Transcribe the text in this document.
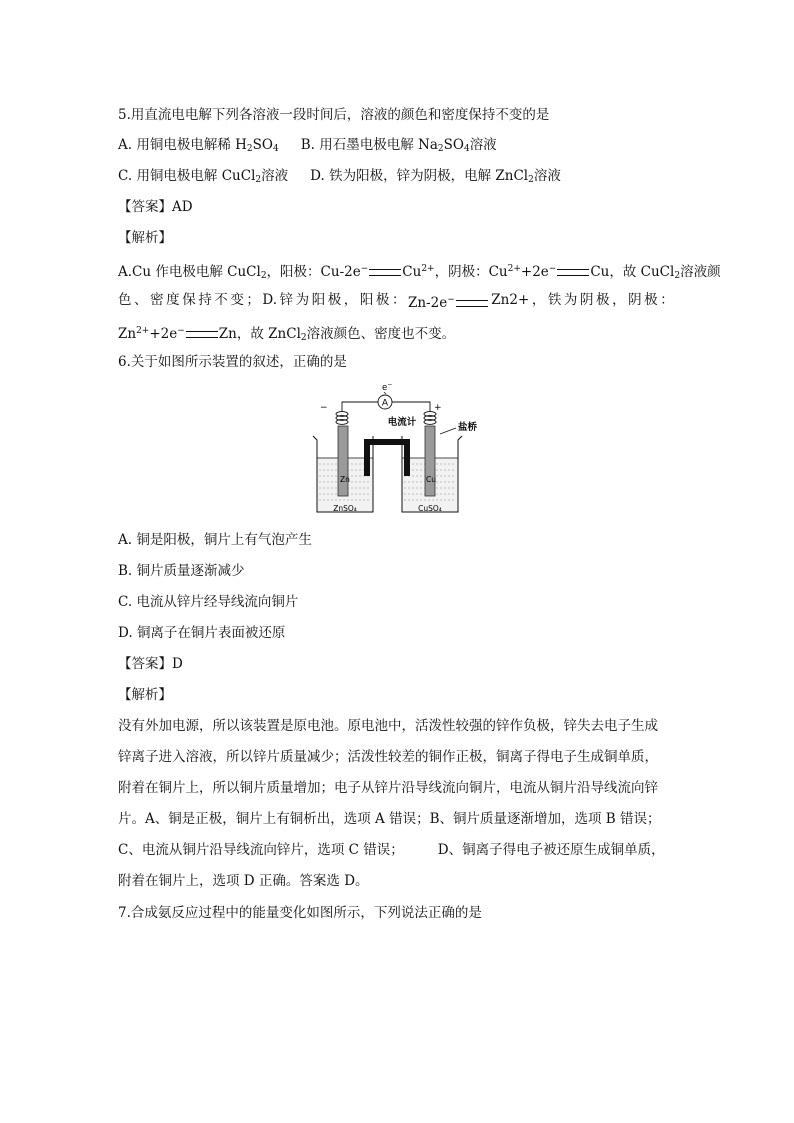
5.用直流电电解下列各溶液一段时间后，溶液的颜色和密度保持不变的是
A. 用铜电极电解稀 $H_2SO_4$ B. 用石墨电极电解 $Na_2SO_4$溶液
C. 用铜电极电解 CuCl$_2$溶液 D. 铁为阳极，锌为阴极，电解 ZnCl$_2$溶液
【答案】AD
【解析】
A.Cu 作电极电解 CuCl$_2$，阳极：Cu-2e−	$Cu^{2+}$，阴极：$Cu^{2+}+2e^-$	Cu，故 CuCl$_2$溶液颜
色 、 密 度 保 持 不 变 ； D. 锌 为 阳 极 ， 阳 极 ： Zn-2e−	Zn2+ ， 铁 为 阴 极 ， 阴 极 ：
$Zn^{2+}+2e^-$	Zn，故 ZnCl$_2$溶液颜色、密度也不变。
6.关于如图所示装置的叙述，正确的是
A
e−
−	+
电流计	盐桥
Zn	Cu
ZnSO₄	CuSO₄
A. 铜是阳极，铜片上有气泡产生
B. 铜片质量逐渐减少
C. 电流从锌片经导线流向铜片
D. 铜离子在铜片表面被还原
【答案】D
【解析】
没有外加电源，所以该装置是原电池。原电池中，活泼性较强的锌作负极，锌失去电子生成
锌离子进入溶液，所以锌片质量减少；活泼性较差的铜作正极，铜离子得电子生成铜单质，
附着在铜片上，所以铜片质量增加；电子从锌片沿导线流向铜片，电流从铜片沿导线流向锌
片。A、铜是正极，铜片上有铜析出，选项 A 错误；B、铜片质量逐渐增加，选项 B 错误；
C、电流从铜片沿导线流向锌片，选项 C 错误；	D、铜离子得电子被还原生成铜单质，
附着在铜片上，选项 D 正确。答案选 D。
7.合成氨反应过程中的能量变化如图所示，下列说法正确的是
